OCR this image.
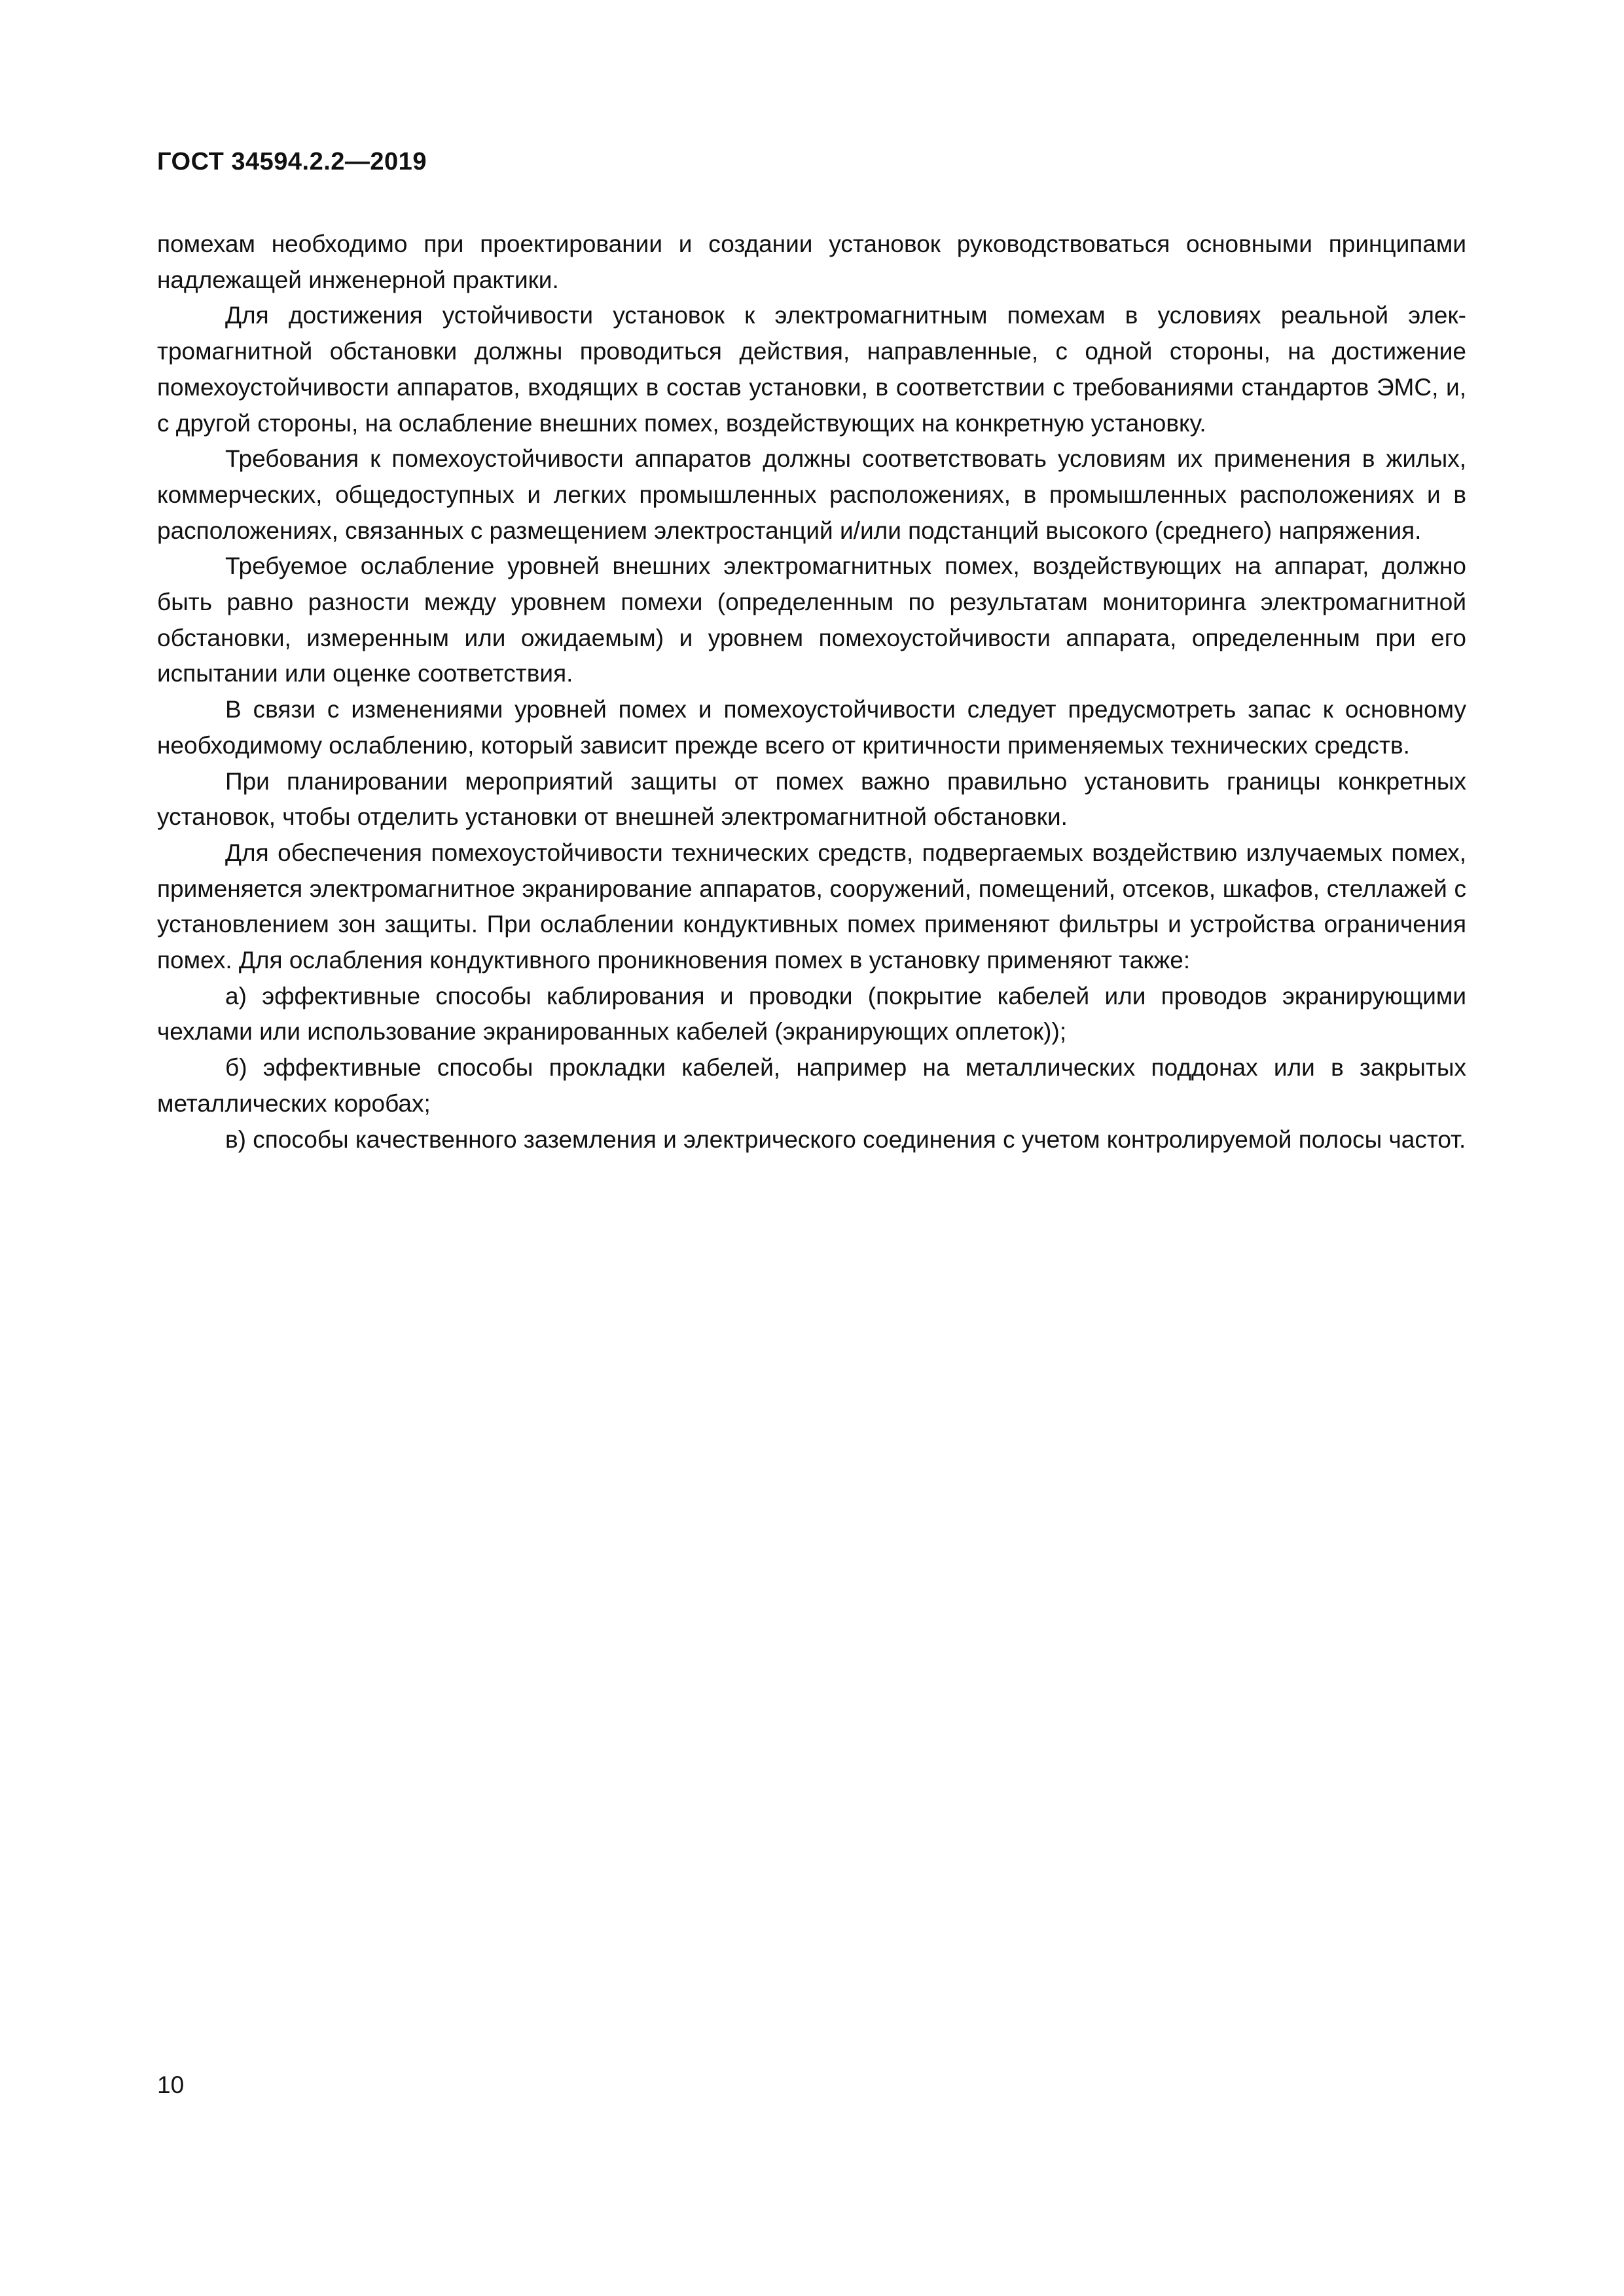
ГОСТ 34594.2.2—2019

помехам необходимо при проектировании и создании установок руководствоваться основными принципами надлежащей инженерной практики.

Для достижения устойчивости установок к электромагнитным помехам в условиях реальной электромагнитной обстановки должны проводиться действия, направленные, с одной стороны, на достижение помехоустойчивости аппаратов, входящих в состав установки, в соответствии с требованиями стандартов ЭМС, и, с другой стороны, на ослабление внешних помех, воздействующих на конкретную установку.

Требования к помехоустойчивости аппаратов должны соответствовать условиям их применения в жилых, коммерческих, общедоступных и легких промышленных расположениях, в промышленных расположениях и в расположениях, связанных с размещением электростанций и/или подстанций высокого (среднего) напряжения.

Требуемое ослабление уровней внешних электромагнитных помех, воздействующих на аппарат, должно быть равно разности между уровнем помехи (определенным по результатам мониторинга электромагнитной обстановки, измеренным или ожидаемым) и уровнем помехоустойчивости аппарата, определенным при его испытании или оценке соответствия.

В связи с изменениями уровней помех и помехоустойчивости следует предусмотреть запас к основному необходимому ослаблению, который зависит прежде всего от критичности применяемых технических средств.

При планировании мероприятий защиты от помех важно правильно установить границы конкретных установок, чтобы отделить установки от внешней электромагнитной обстановки.

Для обеспечения помехоустойчивости технических средств, подвергаемых воздействию излучаемых помех, применяется электромагнитное экранирование аппаратов, сооружений, помещений, отсеков, шкафов, стеллажей с установлением зон защиты. При ослаблении кондуктивных помех применяют фильтры и устройства ограничения помех. Для ослабления кондуктивного проникновения помех в установку применяют также:

а) эффективные способы каблирования и проводки (покрытие кабелей или проводов экранирующими чехлами или использование экранированных кабелей (экранирующих оплеток));

б) эффективные способы прокладки кабелей, например на металлических поддонах или в закрытых металлических коробах;

в) способы качественного заземления и электрического соединения с учетом контролируемой полосы частот.

10
